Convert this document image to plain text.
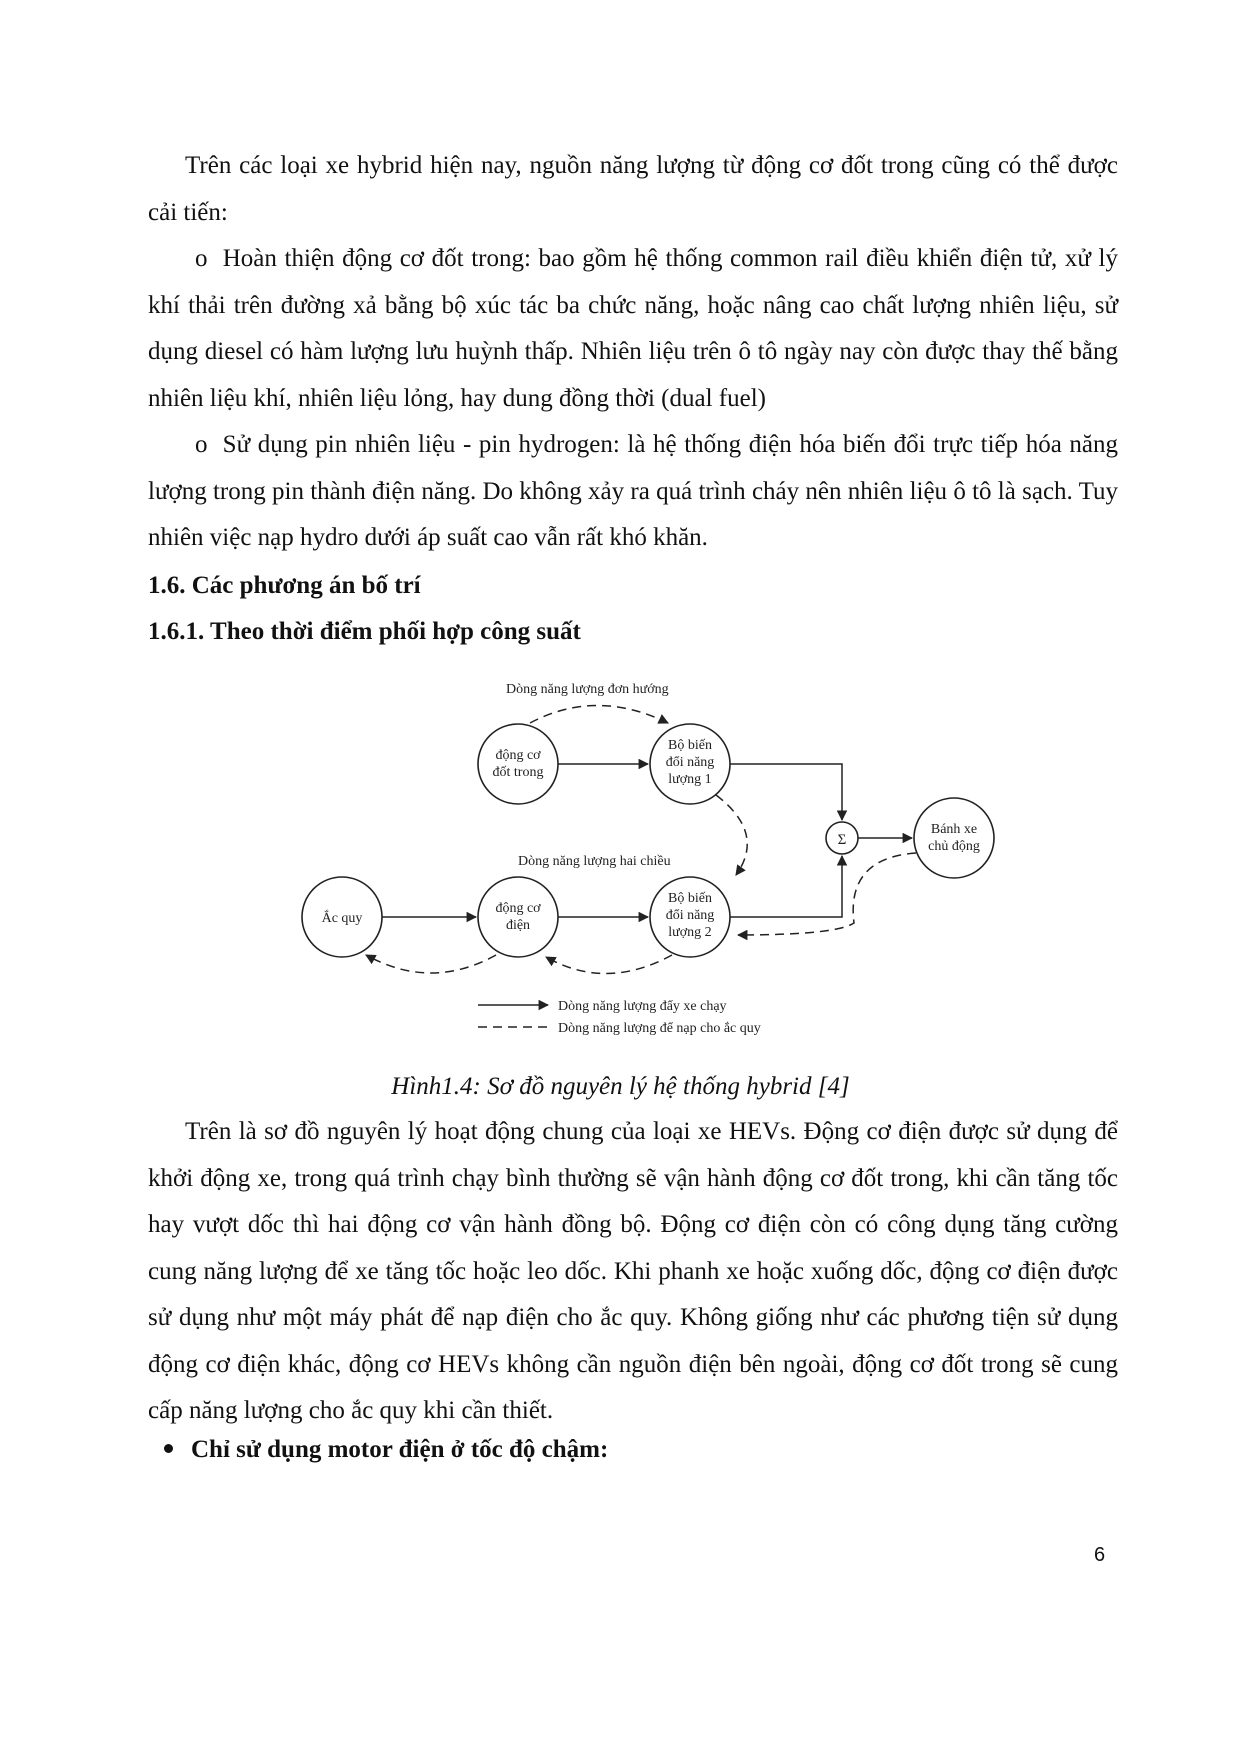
Trên các loại xe hybrid hiện nay, nguồn năng lượng từ động cơ đốt trong cũng có thể được cải tiến:
o Hoàn thiện động cơ đốt trong: bao gồm hệ thống common rail điều khiển điện tử, xử lý khí thải trên đường xả bằng bộ xúc tác ba chức năng, hoặc nâng cao chất lượng nhiên liệu, sử dụng diesel có hàm lượng lưu huỳnh thấp. Nhiên liệu trên ô tô ngày nay còn được thay thế bằng nhiên liệu khí, nhiên liệu lỏng, hay dung đồng thời (dual fuel)
o Sử dụng pin nhiên liệu - pin hydrogen: là hệ thống điện hóa biến đổi trực tiếp hóa năng lượng trong pin thành điện năng. Do không xảy ra quá trình cháy nên nhiên liệu ô tô là sạch. Tuy nhiên việc nạp hydro dưới áp suất cao vẫn rất khó khăn.
1.6. Các phương án bố trí
1.6.1. Theo thời điểm phối hợp công suất
Dòng năng lượng đơn hướng
Dòng năng lượng hai chiều
động cơ
đốt trong
Bộ biến
đổi năng
lượng 1
Σ
Bánh xe
chủ động
Ắc quy
động cơ
điện
Bộ biến
đổi năng
lượng 2
Dòng năng lượng đẩy xe chạy
Dòng năng lượng để nạp cho ắc quy
Hình1.4: Sơ đồ nguyên lý hệ thống hybrid [4]
Trên là sơ đồ nguyên lý hoạt động chung của loại xe HEVs. Động cơ điện được sử dụng để khởi động xe, trong quá trình chạy bình thường sẽ vận hành động cơ đốt trong, khi cần tăng tốc hay vượt dốc thì hai động cơ vận hành đồng bộ. Động cơ điện còn có công dụng tăng cường cung năng lượng để xe tăng tốc hoặc leo dốc. Khi phanh xe hoặc xuống dốc, động cơ điện được sử dụng như một máy phát để nạp điện cho ắc quy. Không giống như các phương tiện sử dụng động cơ điện khác, động cơ HEVs không cần nguồn điện bên ngoài, động cơ đốt trong sẽ cung cấp năng lượng cho ắc quy khi cần thiết.
Chỉ sử dụng motor điện ở tốc độ chậm:
6
